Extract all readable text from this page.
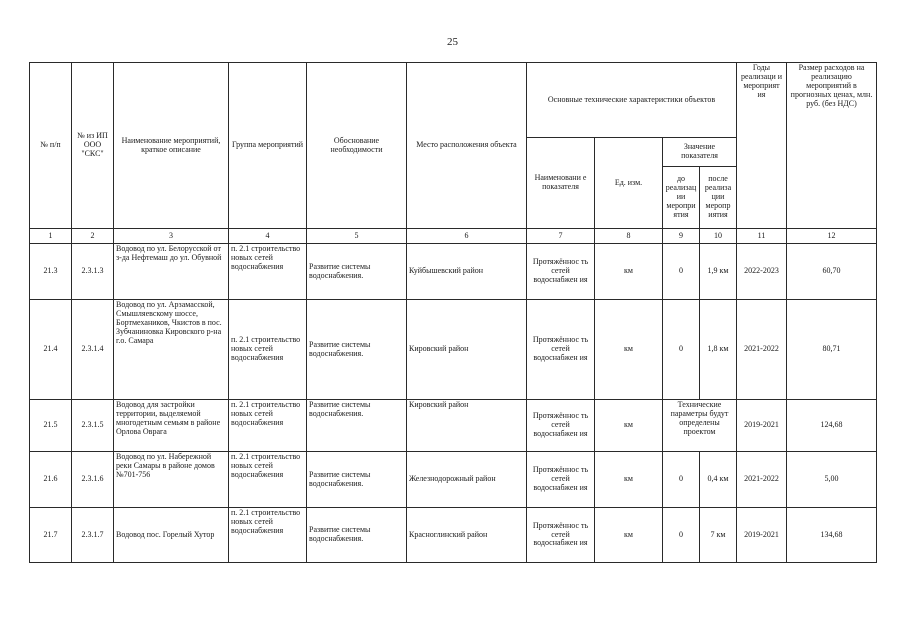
25
№ п/п	№ из ИП ООО "СКС"	Наименование мероприятий, краткое описание	Группа мероприятий	Обоснование необходимости	Место расположения объекта	Основные технические характеристики объектов				Годы реализаци и мероприят ия	Размер расходов на реализацию мероприятий в прогнозных ценах, млн. руб. (без НДС)
						Наименовани е показателя	Ед. изм.	Значение показателя			
								до реализац ии меропри ятия	после реализа ции меропр иятия		
1	2	3	4	5	6	7	8	9	10	11	12
21.3	2.3.1.3	Водовод по ул. Белорусской от з-да Нефтемаш до ул. Обувной	п. 2.1 строительство новых сетей водоснабжения	Развитие системы водоснабжения.	Куйбышевский район	Протяжённос ть сетей водоснабжен ия	км	0	1,9 км	2022-2023	60,70
21.4	2.3.1.4	Водовод по ул. Арзамасской, Смышляевскому шоссе, Бортмехаников, Чкистов в пос. Зубчаниновка Кировского р-на г.о. Самара	п. 2.1 строительство новых сетей водоснабжения	Развитие системы водоснабжения.	Кировский район	Протяжённос ть сетей водоснабжен ия	км	0	1,8 км	2021-2022	80,71
21.5	2.3.1.5	Водовод для застройки территории, выделяемой многодетным семьям в районе Орлова Оврага	п. 2.1 строительство новых сетей водоснабжения	Развитие системы водоснабжения.	Кировский район	Протяжённос ть сетей водоснабжен ия	км	Технические параметры будут определены проектом		2019-2021	124,68
21.6	2.3.1.6	Водовод по ул. Набережной реки Самары в районе домов №701-756	п. 2.1 строительство новых сетей водоснабжения	Развитие системы водоснабжения.	Железнодорожный район	Протяжённос ть сетей водоснабжен ия	км	0	0,4 км	2021-2022	5,00
21.7	2.3.1.7	Водовод пос. Горелый Хутор	п. 2.1 строительство новых сетей водоснабжения	Развитие системы водоснабжения.	Красноглинский район	Протяжённос ть сетей водоснабжен ия	км	0	7 км	2019-2021	134,68
